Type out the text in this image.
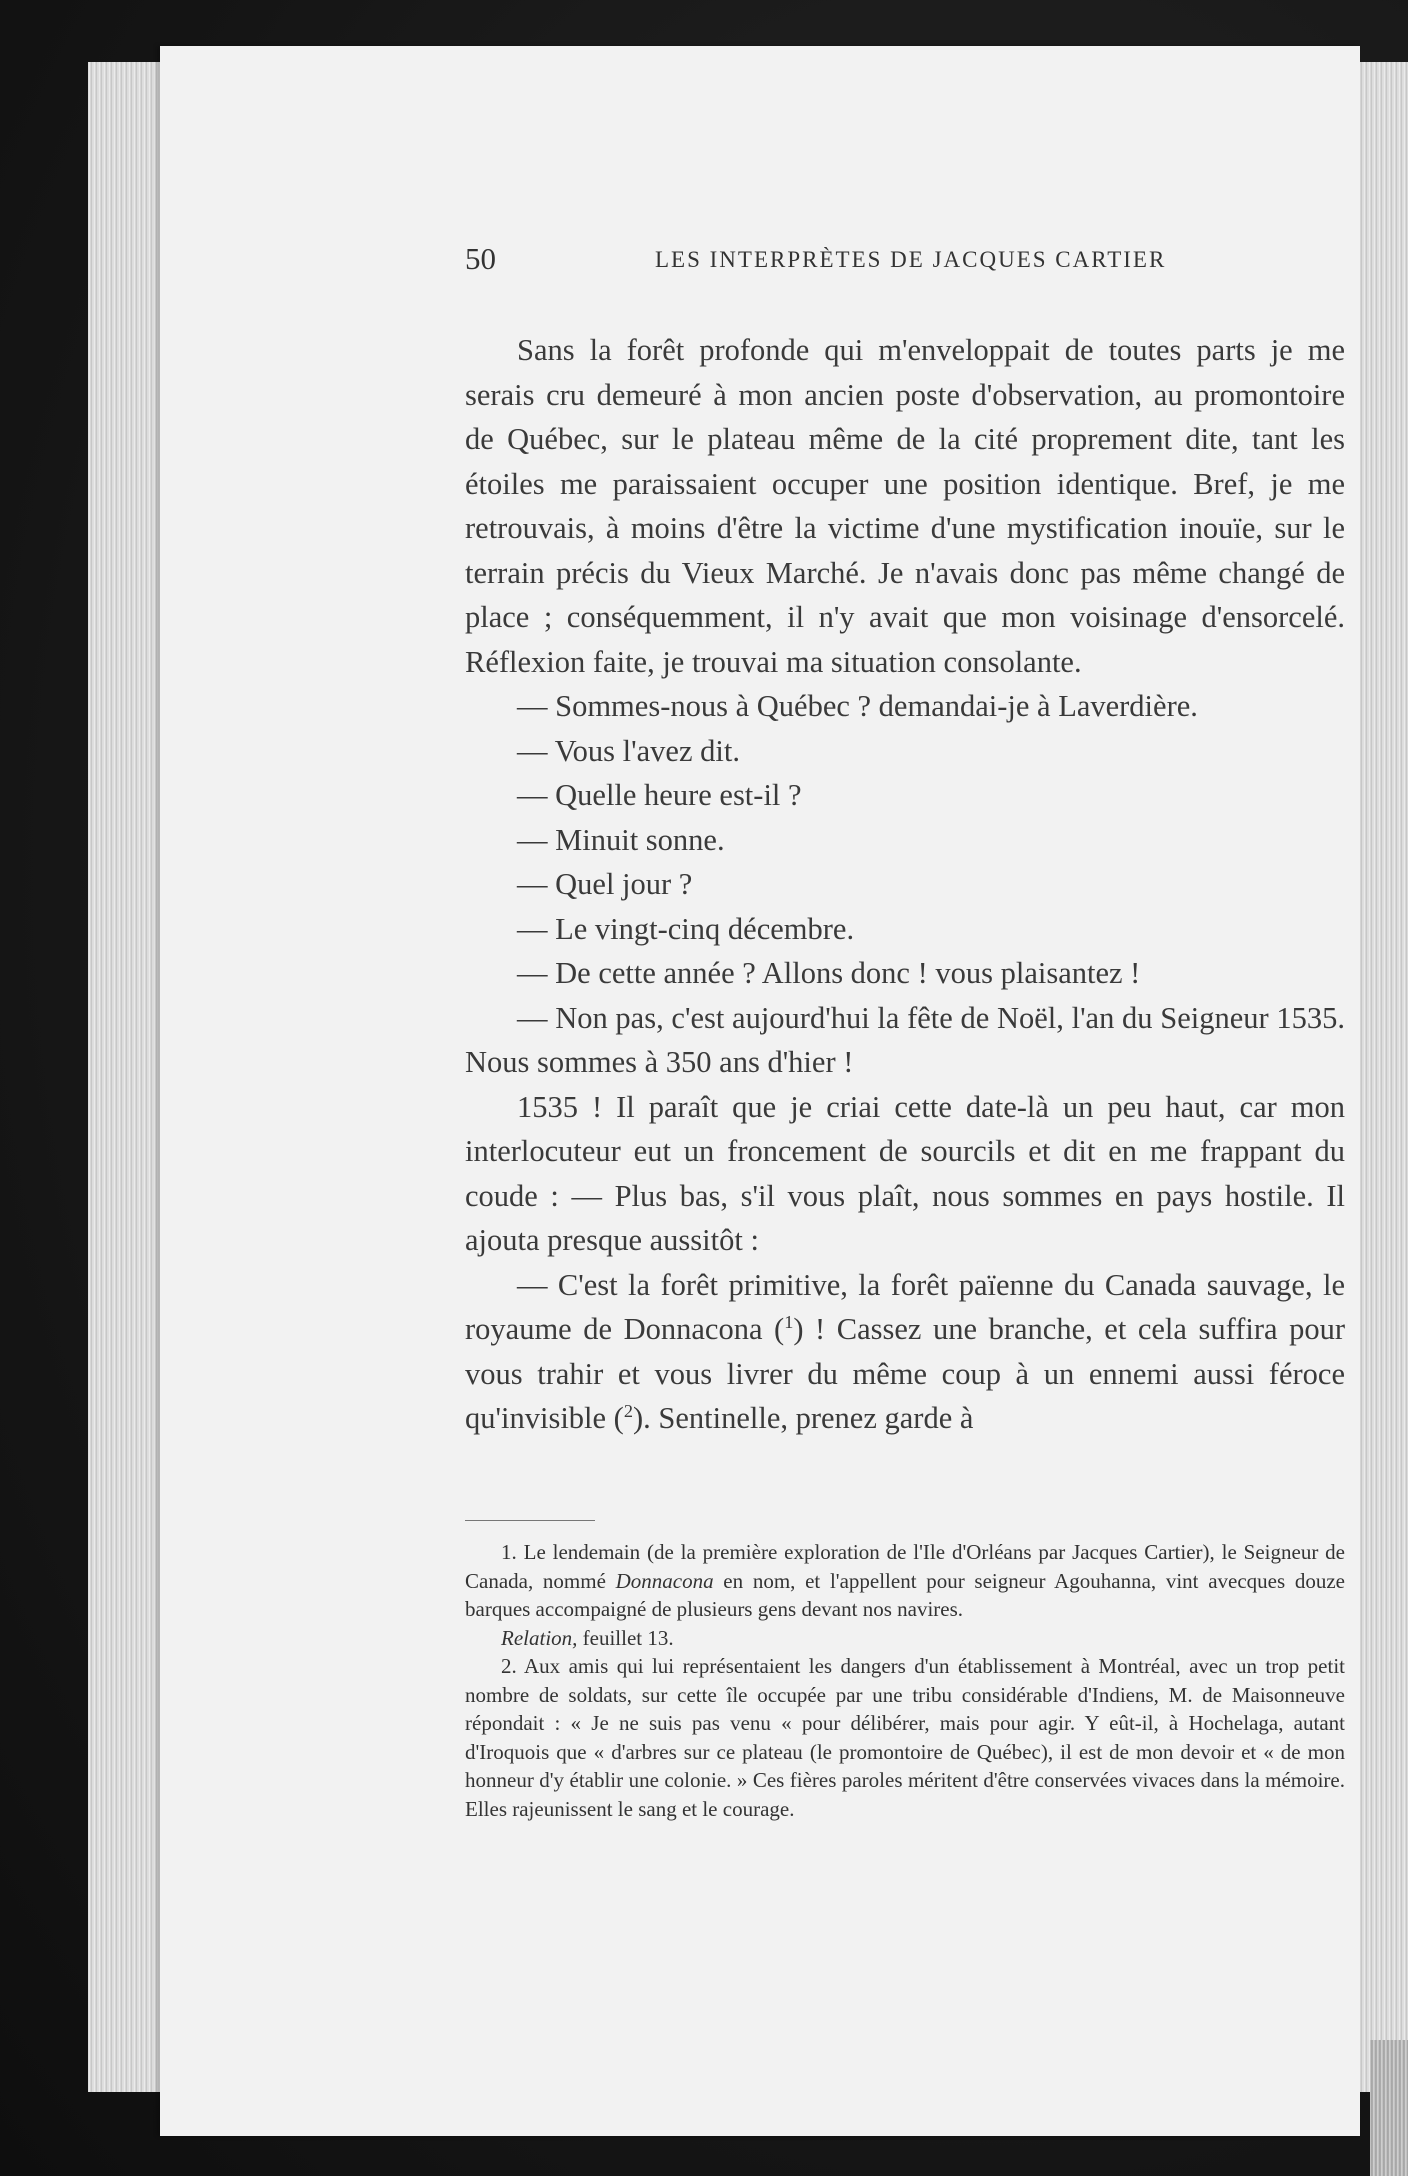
50	LES INTERPRÈTES DE JACQUES CARTIER

Sans la forêt profonde qui m'enveloppait de toutes parts je me serais cru demeuré à mon ancien poste d'observation, au promontoire de Québec, sur le plateau même de la cité proprement dite, tant les étoiles me paraissaient occuper une position identique. Bref, je me retrouvais, à moins d'être la victime d'une mystification inouïe, sur le terrain précis du Vieux Marché. Je n'avais donc pas même changé de place ; conséquemment, il n'y avait que mon voisinage d'ensorcelé. Réflexion faite, je trouvai ma situation consolante.

— Sommes-nous à Québec ? demandai-je à Laverdière.

— Vous l'avez dit.

— Quelle heure est-il ?

— Minuit sonne.

— Quel jour ?

— Le vingt-cinq décembre.

— De cette année ? Allons donc ! vous plaisantez !

— Non pas, c'est aujourd'hui la fête de Noël, l'an du Seigneur 1535. Nous sommes à 350 ans d'hier !

1535 ! Il paraît que je criai cette date-là un peu haut, car mon interlocuteur eut un froncement de sourcils et dit en me frappant du coude : — Plus bas, s'il vous plaît, nous sommes en pays hostile. Il ajouta presque aussitôt :

— C'est la forêt primitive, la forêt païenne du Canada sauvage, le royaume de Donnacona ($^1$) ! Cassez une branche, et cela suffira pour vous trahir et vous livrer du même coup à un ennemi aussi féroce qu'invisible ($^2$). Sentinelle, prenez garde à

1. Le lendemain (de la première exploration de l'Ile d'Orléans par Jacques Cartier), le Seigneur de Canada, nommé Donnacona en nom, et l'appellent pour seigneur Agouhanna, vint avecques douze barques accompaigné de plusieurs gens devant nos navires.

Relation, feuillet 13.

2. Aux amis qui lui représentaient les dangers d'un établissement à Montréal, avec un trop petit nombre de soldats, sur cette île occupée par une tribu considérable d'Indiens, M. de Maisonneuve répondait : « Je ne suis pas venu « pour délibérer, mais pour agir. Y eût-il, à Hochelaga, autant d'Iroquois que « d'arbres sur ce plateau (le promontoire de Québec), il est de mon devoir et « de mon honneur d'y établir une colonie. » Ces fières paroles méritent d'être conservées vivaces dans la mémoire. Elles rajeunissent le sang et le courage.
